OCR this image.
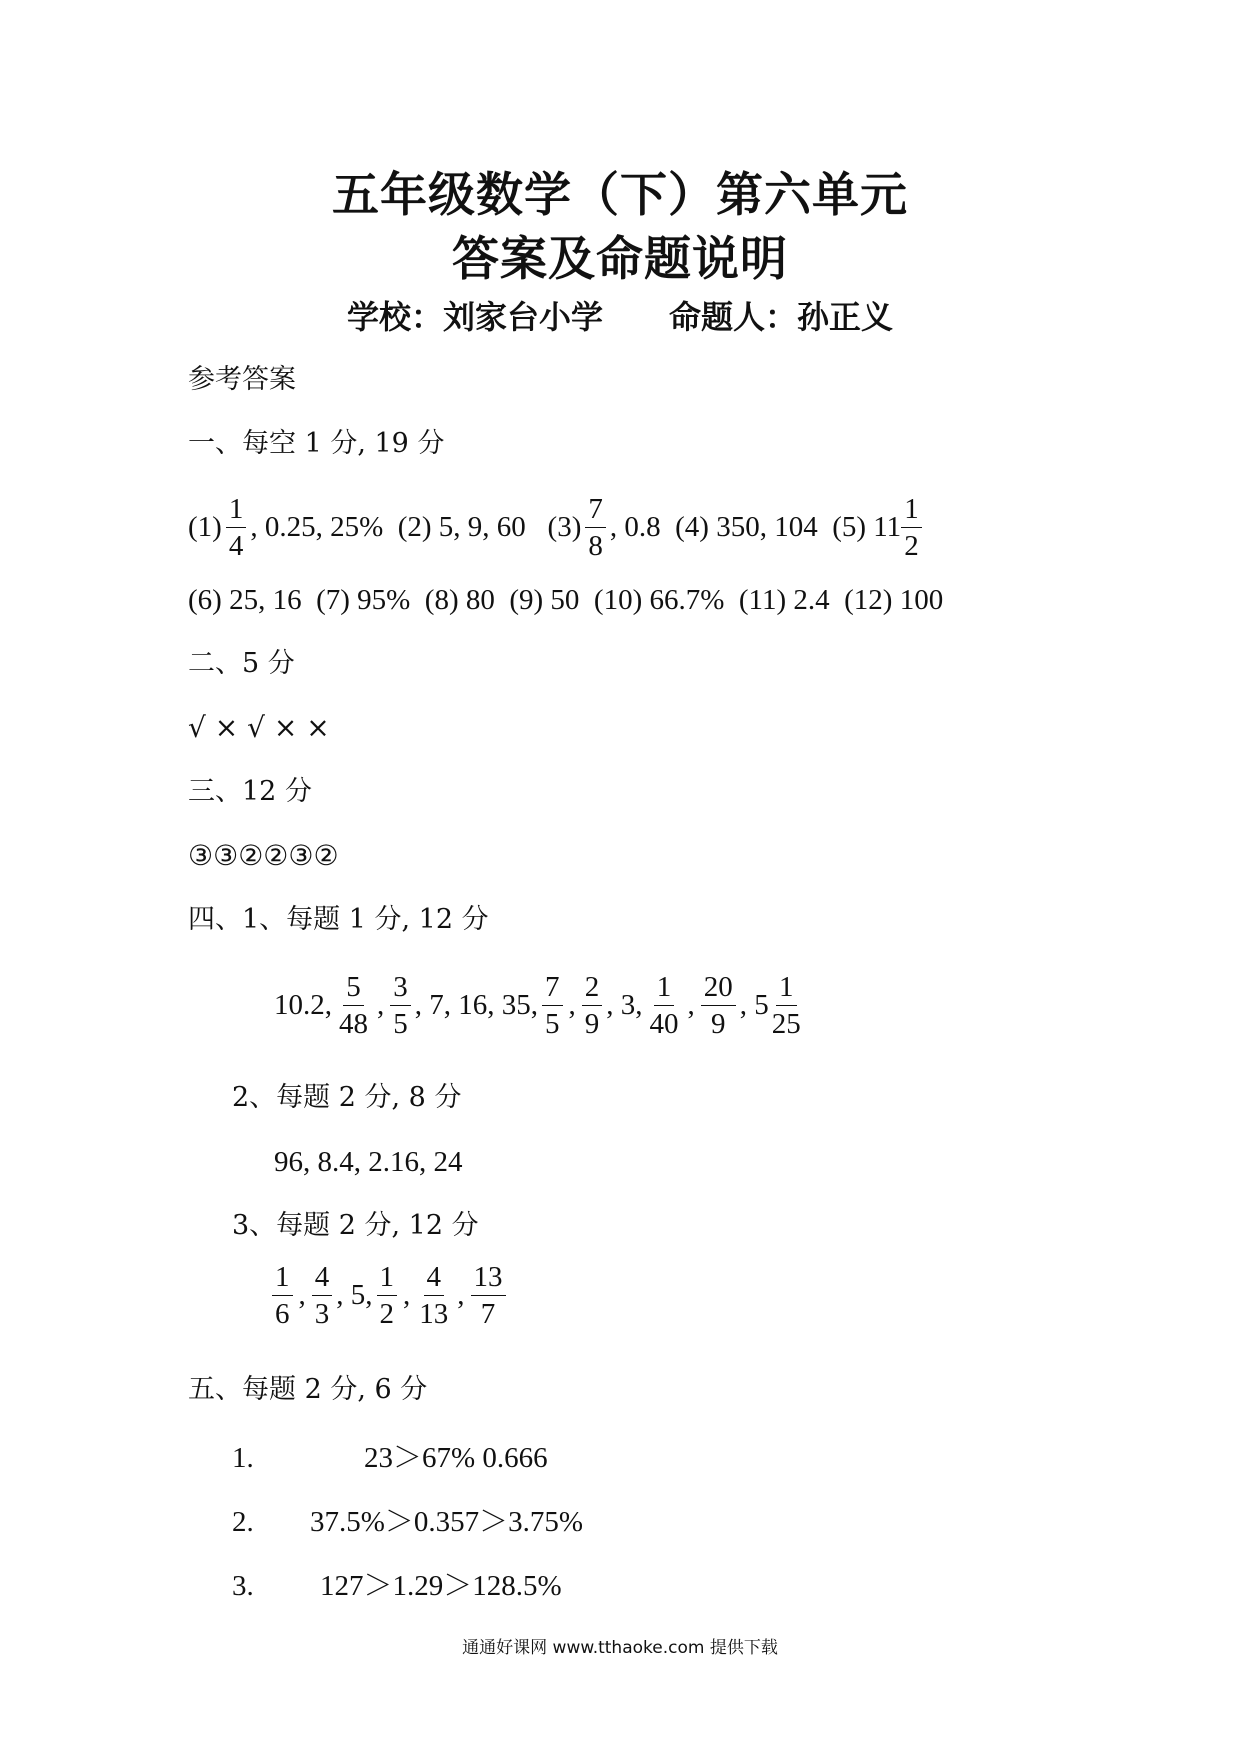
五年级数学（下）第六单元
答案及命题说明
学校：刘家台小学 命题人：孙正义
参考答案
一、每空 1 分, 19 分
$(1) \frac{1}{4}$ , 0.25, 25%  (2) 5, 9, 60   $(3) \frac{7}{8}$ , 0.8  (4) 350, 104  (5) $11 \frac{1}{2}$
(6) 25, 16  (7) 95%  (8) 80  (9) 50  (10) 66.7%  (11) 2.4  (12) 100
二、5 分
√ × √ × ×
三、12 分
③③②②③②
四、1、每题 1 分, 12 分
10.2, $\frac{5}{48}$ , $\frac{3}{5}$ , 7, 16, 35, $\frac{7}{5}$ , $\frac{2}{9}$ , 3, $\frac{1}{40}$ , $\frac{20}{9}$ , $5 \frac{1}{25}$
2、每题 2 分, 8 分
96, 8.4, 2.16, 24
3、每题 2 分, 12 分
$\frac{1}{6}$ , $\frac{4}{3}$ , 5, $\frac{1}{2}$ , $\frac{4}{13}$ , $\frac{13}{7}$
五、每题 2 分, 6 分
1.	23＞67% 0.666
2. 37.5%＞0.357＞3.75%
3. 127＞1.29＞128.5%
通通好课网 www.tthaoke.com 提供下载
